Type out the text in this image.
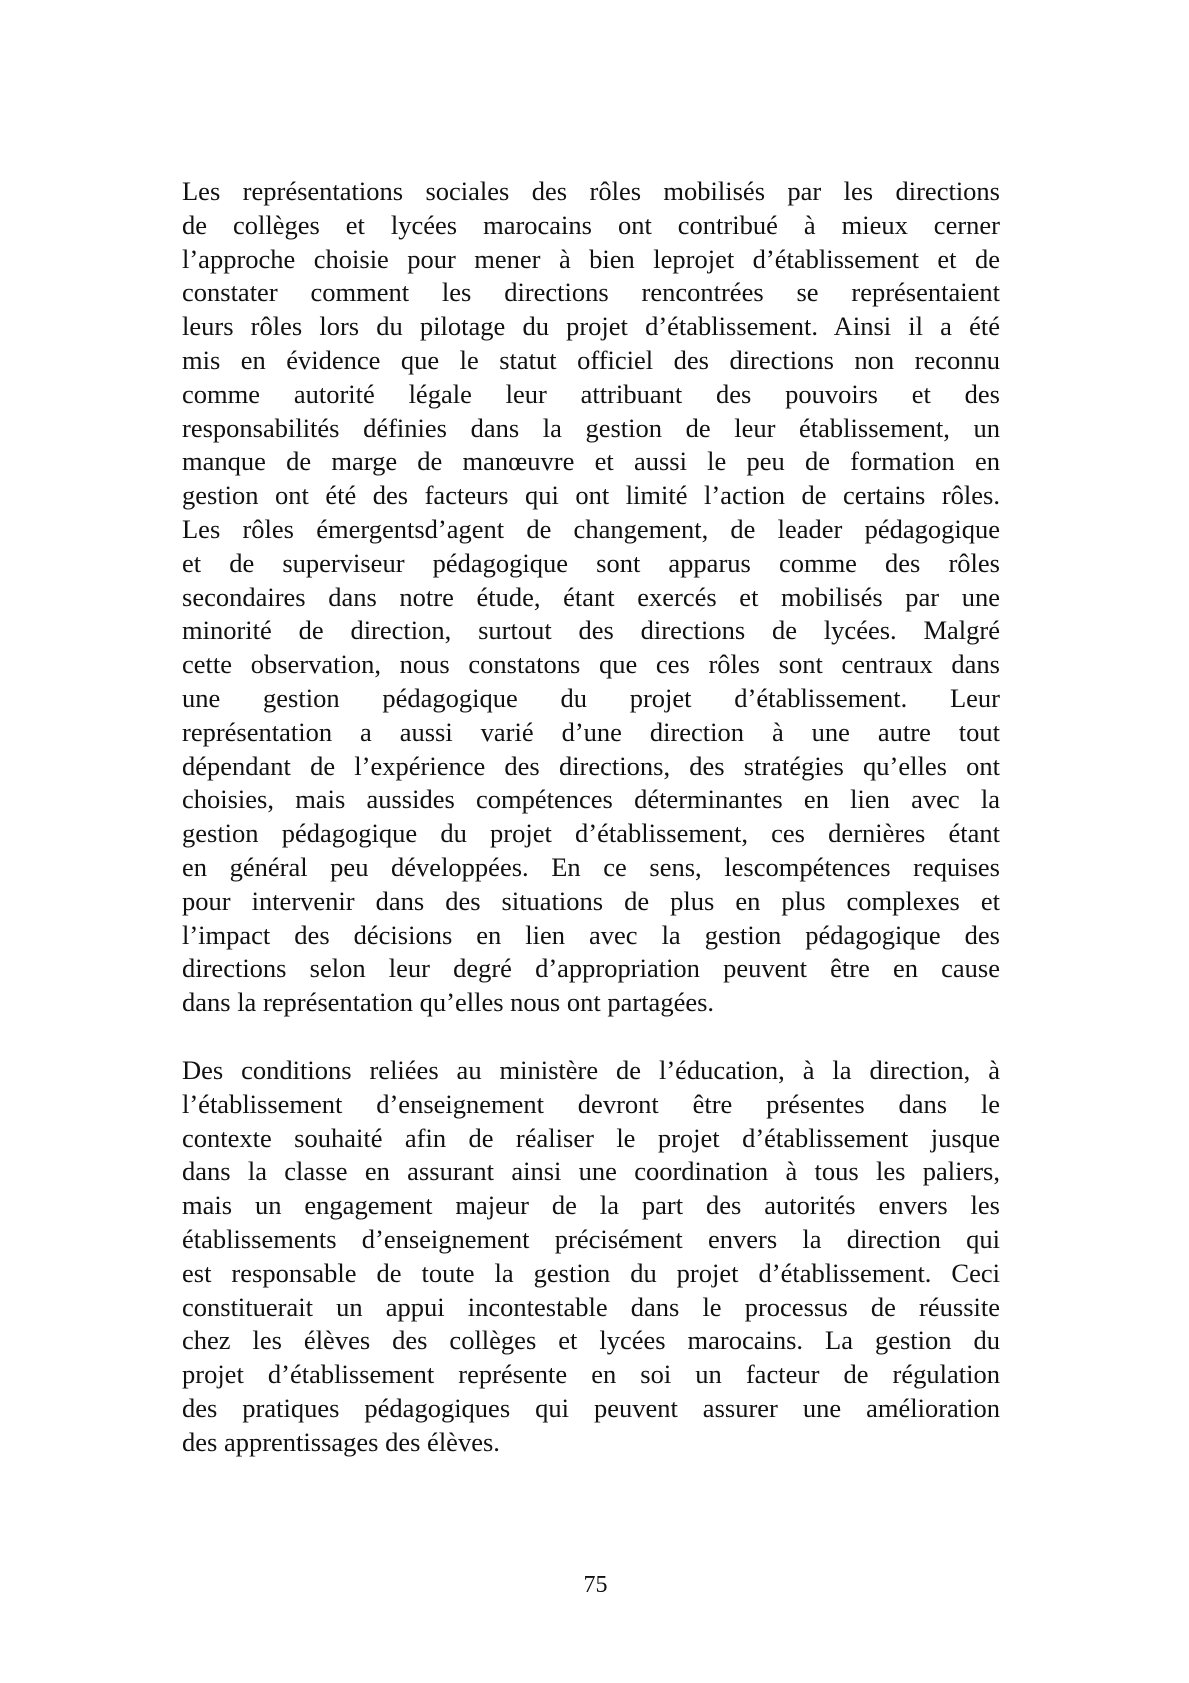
Les représentations sociales des rôles mobilisés par les directions
de collèges et lycées marocains ont contribué à mieux cerner
l’approche choisie pour mener à bien leprojet d’établissement et de
constater comment les directions rencontrées se représentaient
leurs rôles lors du pilotage du projet d’établissement. Ainsi il a été
mis en évidence que le statut officiel des directions non reconnu
comme autorité légale leur attribuant des pouvoirs et des
responsabilités définies dans la gestion de leur établissement, un
manque de marge de manœuvre et aussi le peu de formation en
gestion ont été des facteurs qui ont limité l’action de certains rôles.
Les rôles émergentsd’agent de changement, de leader pédagogique
et de superviseur pédagogique sont apparus comme des rôles
secondaires dans notre étude, étant exercés et mobilisés par une
minorité de direction, surtout des directions de lycées. Malgré
cette observation, nous constatons que ces rôles sont centraux dans
une gestion pédagogique du projet d’établissement. Leur
représentation a aussi varié d’une direction à une autre tout
dépendant de l’expérience des directions, des stratégies qu’elles ont
choisies, mais aussides compétences déterminantes en lien avec la
gestion pédagogique du projet d’établissement, ces dernières étant
en général peu développées. En ce sens, lescompétences requises
pour intervenir dans des situations de plus en plus complexes et
l’impact des décisions en lien avec la gestion pédagogique des
directions selon leur degré d’appropriation peuvent être en cause
dans la représentation qu’elles nous ont partagées.
Des conditions reliées au ministère de l’éducation, à la direction, à
l’établissement d’enseignement devront être présentes dans le
contexte souhaité afin de réaliser le projet d’établissement jusque
dans la classe en assurant ainsi une coordination à tous les paliers,
mais un engagement majeur de la part des autorités envers les
établissements d’enseignement précisément envers la direction qui
est responsable de toute la gestion du projet d’établissement. Ceci
constituerait un appui incontestable dans le processus de réussite
chez les élèves des collèges et lycées marocains. La gestion du
projet d’établissement représente en soi un facteur de régulation
des pratiques pédagogiques qui peuvent assurer une amélioration
des apprentissages des élèves.
75
